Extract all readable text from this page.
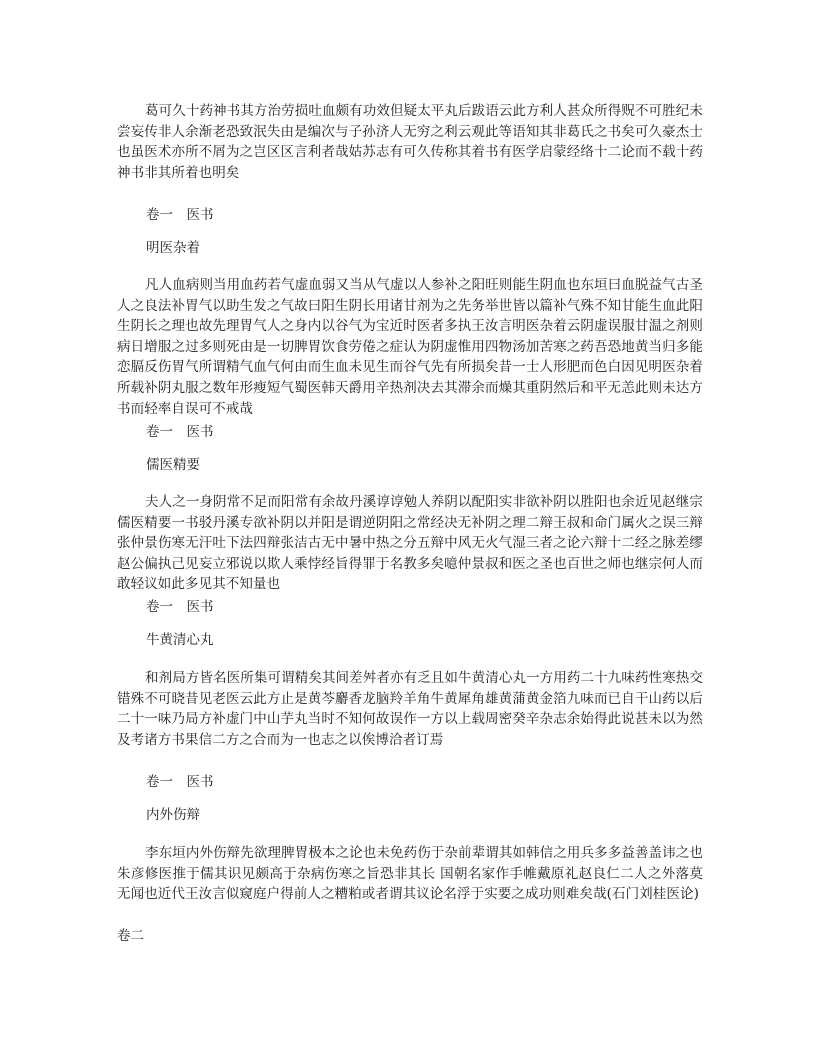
葛可久十药神书其方治劳损吐血颇有功效但疑太平丸后跋语云此方利人甚众所得贶不可胜纪未尝妄传非人余渐老恐致泯失由是编次与子孙济人无穷之利云观此等语知其非葛氏之书矣可久豪杰士也虽医术亦所不屑为之岂区区言利者哉姑苏志有可久传称其着书有医学启蒙经络十二论而不载十药神书非其所着也明矣

卷一　医书

明医杂着

凡人血病则当用血药若气虚血弱又当从气虚以人参补之阳旺则能生阴血也东垣曰血脱益气古圣人之良法补胃气以助生发之气故曰阳生阴长用诸甘剂为之先务举世皆以篇补气殊不知甘能生血此阳生阴长之理也故先理胃气人之身内以谷气为宝近时医者多执王汝言明医杂着云阴虚误服甘温之剂则病日增服之过多则死由是一切脾胃饮食劳倦之症认为阴虚惟用四物汤加苦寒之药吾恐地黄当归多能恋膈反伤胃气所谓精气血气何由而生血未见生而谷气先有所损矣昔一士人形肥而色白因见明医杂着所载补阴丸服之数年形瘦短气蜀医韩天爵用辛热剂决去其滞余而燥其重阴然后和平无恙此则未达方书而轻率自误可不戒哉

卷一　医书

儒医精要

夫人之一身阴常不足而阳常有余故丹溪谆谆勉人养阴以配阳实非欲补阴以胜阳也余近见赵继宗儒医精要一书驳丹溪专欲补阴以并阳是谓逆阴阳之常经决无补阴之理二辩王叔和命门属火之误三辩张仲景伤寒无汗吐下法四辩张洁古无中暑中热之分五辩中风无火气湿三者之论六辩十二经之脉差缪赵公偏执己见妄立邪说以欺人乘悖经旨得罪于名教多矣噫仲景叔和医之圣也百世之师也继宗何人而敢轻议如此多见其不知量也

卷一　医书

牛黄清心丸

和剂局方皆名医所集可谓精矣其间差舛者亦有乏且如牛黄清心丸一方用药二十九味药性寒热交错殊不可晓昔见老医云此方止是黄芩麝香龙脑羚羊角牛黄犀角雄黄蒲黄金箔九味而已自干山药以后二十一味乃局方补虚门中山芋丸当时不知何故误作一方以上载周密癸辛杂志余始得此说甚未以为然及考诸方书果信二方之合而为一也志之以俟博洽者订焉

卷一　医书

内外伤辩

李东垣内外伤辩先欲理脾胃极本之论也未免药伤于杂前辈谓其如韩信之用兵多多益善盖讳之也朱彦修医推于儒其识见颇高于杂病伤寒之旨恐非其长 国朝名家作手帷戴原礼赵良仁二人之外落莫无闻也近代王汝言似窥庭户得前人之糟粕或者谓其议论名浮于实要之成功则难矣哉(石门刘桂医论)

卷二
